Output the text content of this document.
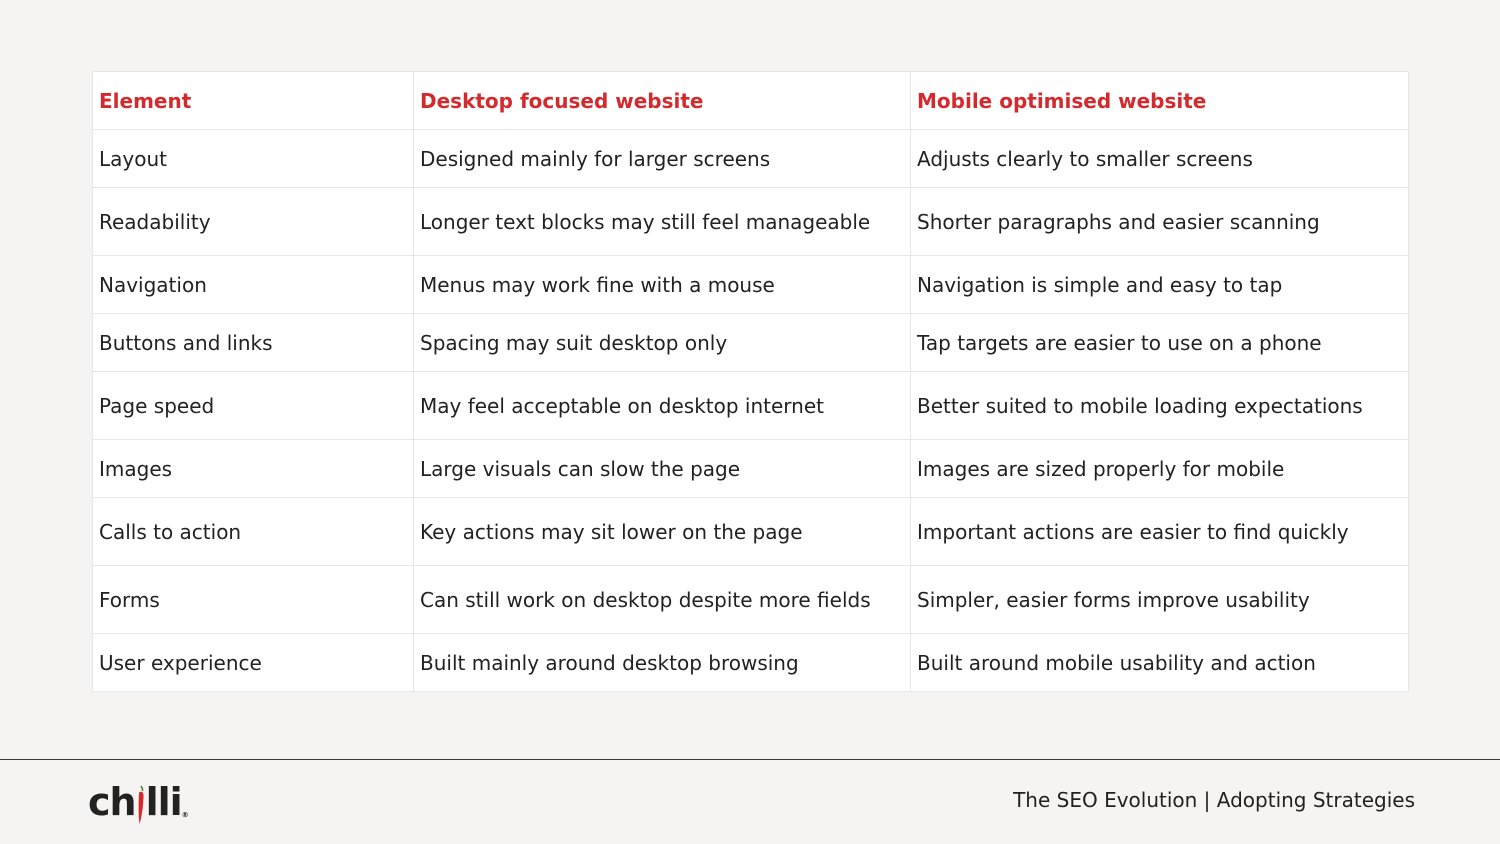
Element	Desktop focused website	Mobile optimised website
Layout	Designed mainly for larger screens	Adjusts clearly to smaller screens
Readability	Longer text blocks may still feel manageable	Shorter paragraphs and easier scanning
Navigation	Menus may work fine with a mouse	Navigation is simple and easy to tap
Buttons and links	Spacing may suit desktop only	Tap targets are easier to use on a phone
Page speed	May feel acceptable on desktop internet	Better suited to mobile loading expectations
Images	Large visuals can slow the page	Images are sized properly for mobile
Calls to action	Key actions may sit lower on the page	Important actions are easier to find quickly
Forms	Can still work on desktop despite more fields	Simpler, easier forms improve usability
User experience	Built mainly around desktop browsing	Built around mobile usability and action
ch lli®
The SEO Evolution | Adopting Strategies
